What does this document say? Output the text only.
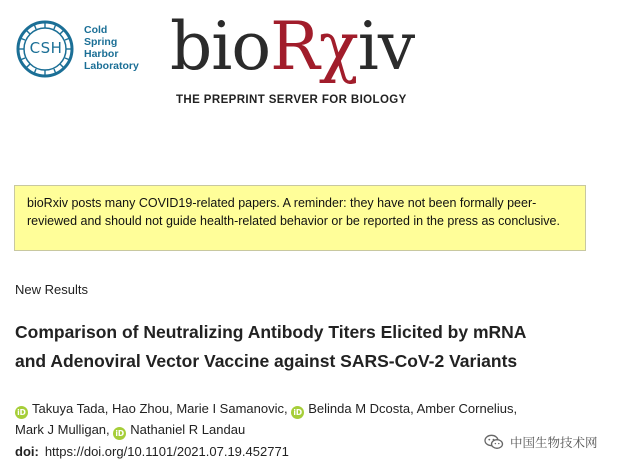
CSH
Cold
Spring
Harbor
Laboratory bioRχiv
THE PREPRINT SERVER FOR BIOLOGY
bioRxiv posts many COVID19-related papers. A reminder: they have not been formally peer-reviewed and should not guide health-related behavior or be reported in the press as conclusive.
New Results
Comparison of Neutralizing Antibody Titers Elicited by mRNA
and Adenoviral Vector Vaccine against SARS-CoV-2 Variants
iD Takuya Tada, Hao Zhou, Marie I Samanovic, iD Belinda M Dcosta, Amber Cornelius, Mark J Mulligan, iD Nathaniel R Landau
doi: https://doi.org/10.1101/2021.07.19.452771
中国生物技术网
